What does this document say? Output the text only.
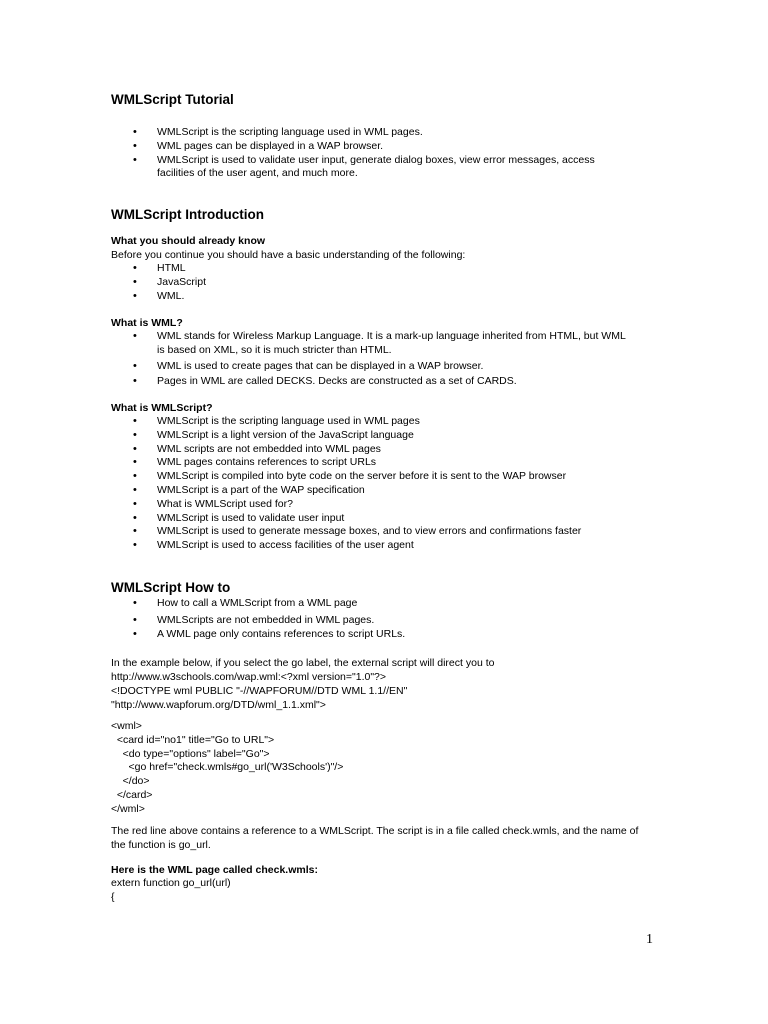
WMLScript Tutorial
• WMLScript is the scripting language used in WML pages.
• WML pages can be displayed in a WAP browser.
• WMLScript is used to validate user input, generate dialog boxes, view error messages, access facilities of the user agent, and much more.
WMLScript Introduction
What you should already know
Before you continue you should have a basic understanding of the following:
• HTML
• JavaScript
• WML.
What is WML?
• WML stands for Wireless Markup Language. It is a mark-up language inherited from HTML, but WML is based on XML, so it is much stricter than HTML.
• WML is used to create pages that can be displayed in a WAP browser.
• Pages in WML are called DECKS. Decks are constructed as a set of CARDS.
What is WMLScript?
• WMLScript is the scripting language used in WML pages
• WMLScript is a light version of the JavaScript language
• WML scripts are not embedded into WML pages
• WML pages contains references to script URLs
• WMLScript is compiled into byte code on the server before it is sent to the WAP browser
• WMLScript is a part of the WAP specification
• What is WMLScript used for?
• WMLScript is used to validate user input
• WMLScript is used to generate message boxes, and to view errors and confirmations faster
• WMLScript is used to access facilities of the user agent
WMLScript How to
• How to call a WMLScript from a WML page
• WMLScripts are not embedded in WML pages.
• A WML page only contains references to script URLs.
In the example below, if you select the go label, the external script will direct you to http://www.w3schools.com/wap.wml:<?xml version="1.0"?>
<!DOCTYPE wml PUBLIC "-//WAPFORUM//DTD WML 1.1//EN"
"http://www.wapforum.org/DTD/wml_1.1.xml">
<wml>
<card id="no1" title="Go to URL">
<do type="options" label="Go">
<go href="check.wmls#go_url('W3Schools')"/>
</do>
</card>
</wml>
The red line above contains a reference to a WMLScript. The script is in a file called check.wmls, and the name of the function is go_url.
Here is the WML page called check.wmls:
extern function go_url(url)
{
1
